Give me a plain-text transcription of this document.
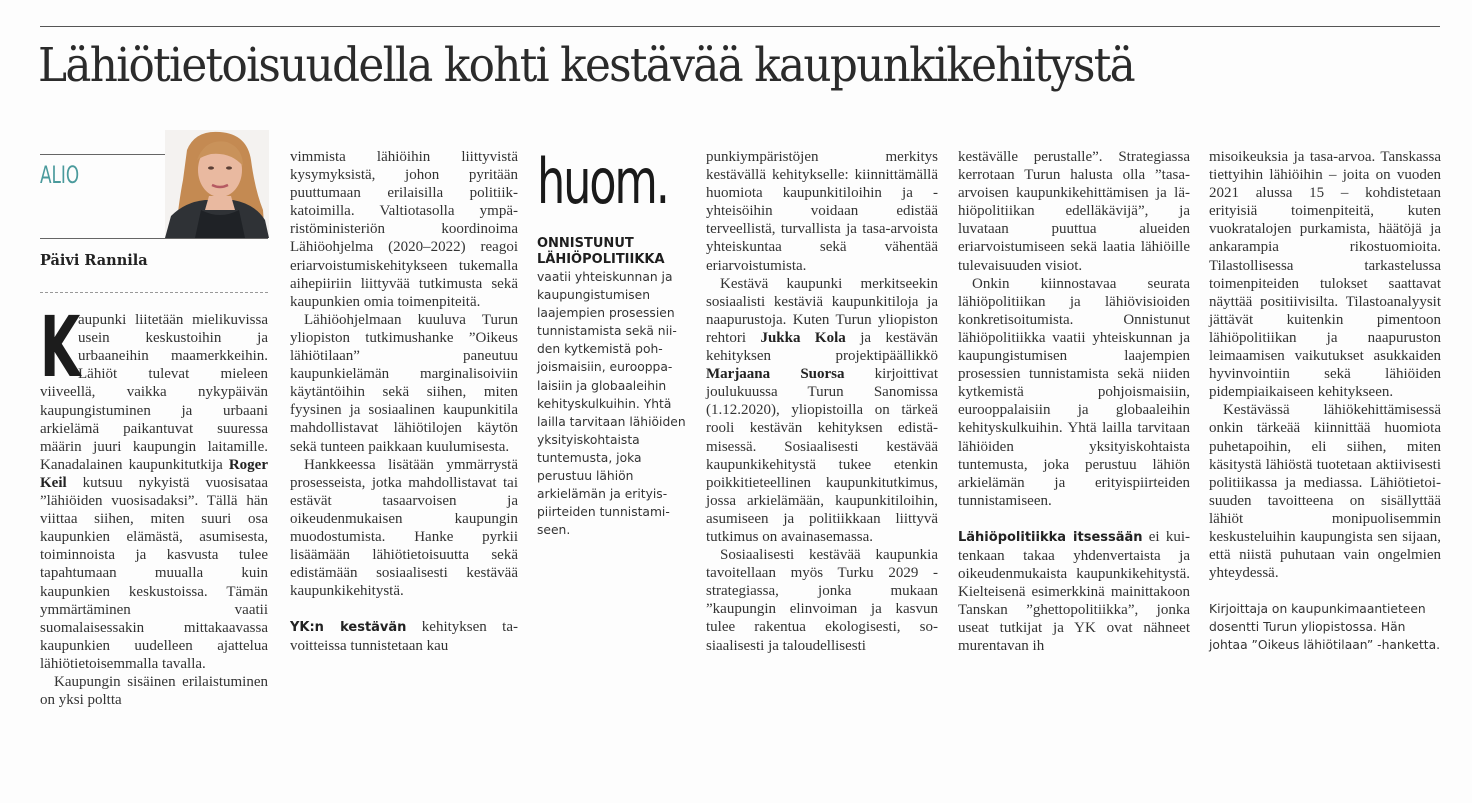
Lähiötietoisuudella kohti kestävää kaupunkikehitystä
ALIO
Päivi Rannila

K
aupunki liitetään mielikuvissa usein keskustoihin ja urbaaneihin maamerkkeihin. Lähiöt tulevat mieleen viiveellä, vaikka nykypäivän kaupungistuminen ja urbaani arkielämä paikantuvat suuressa määrin juuri kaupungin laitamille. Kanadalainen kaupunkitutkija Roger Keil kutsuu nykyistä vuosisataa ”lähiöiden vuosisadaksi”. Tällä hän viittaa siihen, miten suuri osa kaupunkien elämästä, asumisesta, toiminnoista ja kasvusta tulee tapahtumaan muualla kuin kaupunkien keskustoissa. Tämän ymmärtäminen vaatii suomalaisessakin mittakaavassa kaupunkien uudelleen ajattelua lähiötietoisemmalla tavalla.

Kaupungin sisäinen erilaistuminen on yksi poltta

vimmista lähiöihin liittyvistä kysymyksistä, johon pyritään puuttumaan erilaisilla politiikkatoimilla. Valtiotasolla ympäristöministeriön koordinoima Lähiöohjelma (2020–2022) reagoi eriarvoistumiskehitykseen tukemalla aihepiiriin liittyvää tutkimusta sekä kaupunkien omia toimenpiteitä.

Lähiöohjelmaan kuuluva Turun yliopiston tutkimushanke ”Oikeus lähiötilaan” paneutuu kaupunkielämän marginalisoiviin käytäntöihin sekä siihen, miten fyysinen ja sosiaalinen kaupunkitila mahdollistavat lähiötilojen käytön sekä tunteen paikkaan kuulumisesta.

Hankkeessa lisätään ymmärrystä prosesseista, jotka mahdollistavat tai estävät tasaarvoisen ja oikeudenmukaisen kaupungin muodostumista. Hanke pyrkii lisäämään lähiötietoisuutta sekä edistämään sosiaalisesti kestävää kaupunkikehitystä.

YK:n kestävän kehityksen tavoitteissa tunnistetaan kau

huom.
ONNISTUNUT
LÄHIÖPOLITIIKKA

vaatii yhteiskunnan ja kaupungistumisen laajempien prosessien tunnistamista sekä niiden kytkemistä pohjoismaisiin, eurooppalaisiin ja globaaleihin kehityskulkuihin. Yhtä lailla tarvitaan lähiöiden yksityiskohtaista tuntemusta, joka perustuu lähiön arkielämän ja erityispiirteiden tunnistamiseen.

punkiympäristöjen merkitys kestävällä kehitykselle: kiinnittämällä huomiota kaupunkitiloihin ja -yhteisöihin voidaan edistää terveellistä, turvallista ja tasa-arvoista yhteiskuntaa sekä vähentää eriarvoistumista.

Kestävä kaupunki merkitseekin sosiaalisti kestäviä kaupunkitiloja ja naapurustoja. Kuten Turun yliopiston rehtori Jukka Kola ja kestävän kehityksen projektipäällikkö Marjaana Suorsa kirjoittivat joulukuussa Turun Sanomissa (1.12.2020), yliopistoilla on tärkeä rooli kestävän kehityksen edistämisessä. Sosiaalisesti kestävää kaupunkikehitystä tukee etenkin poikkitieteellinen kaupunkitutkimus, jossa arkielämään, kaupunkitiloihin, asumiseen ja politiikkaan liittyvä tutkimus on avainasemassa.

Sosiaalisesti kestävää kaupunkia tavoitellaan myös Turku 2029 -strategiassa, jonka mukaan ”kaupungin elinvoiman ja kasvun tulee rakentua ekologisesti, sosiaalisesti ja taloudellisesti

kestävälle perustalle”. Strategiassa kerrotaan Turun halusta olla ”tasa-arvoisen kaupunkikehittämisen ja lähiöpolitiikan edelläkävijä”, ja luvataan puuttua alueiden eriarvoistumiseen sekä laatia lähiöille tulevaisuuden visiot.

Onkin kiinnostavaa seurata lähiöpolitiikan ja lähiövisioiden konkretisoitumista. Onnistunut lähiöpolitiikka vaatii yhteiskunnan ja kaupungistumisen laajempien prosessien tunnistamista sekä niiden kytkemistä pohjoismaisiin, eurooppalaisiin ja globaaleihin kehityskulkuihin. Yhtä lailla tarvitaan lähiöiden yksityiskohtaista tuntemusta, joka perustuu lähiön arkielämän ja erityispiirteiden tunnistamiseen.

Lähiöpolitiikka itsessään ei kuitenkaan takaa yhdenvertaista ja oikeudenmukaista kaupunkikehitystä. Kielteisenä esimerkkinä mainittakoon Tanskan ”ghettopolitiikka”, jonka useat tutkijat ja YK ovat nähneet murentavan ih

misoikeuksia ja tasa-arvoa. Tanskassa tiettyihin lähiöihin – joita on vuoden 2021 alussa 15 – kohdistetaan erityisiä toimenpiteitä, kuten vuokratalojen purkamista, häätöjä ja ankarampia rikostuomioita. Tilastollisessa tarkastelussa toimenpiteiden tulokset saattavat näyttää positiivisilta. Tilastoanalyysit jättävät kuitenkin pimentoon lähiöpolitiikan ja naapuruston leimaamisen vaikutukset asukkaiden hyvinvointiin sekä lähiöiden pidempiaikaiseen kehitykseen.

Kestävässä lähiökehittämisessä onkin tärkeää kiinnittää huomiota puhetapoihin, eli siihen, miten käsitystä lähiöstä tuotetaan aktiivisesti politiikassa ja mediassa. Lähiötietoisuuden tavoitteena on sisällyttää lähiöt monipuolisemmin keskusteluihin kaupungista sen sijaan, että niistä puhutaan vain ongelmien yhteydessä.

Kirjoittaja on kaupunkimaantieteen dosentti Turun yliopistossa. Hän johtaa ”Oikeus lähiötilaan” -hanketta.
